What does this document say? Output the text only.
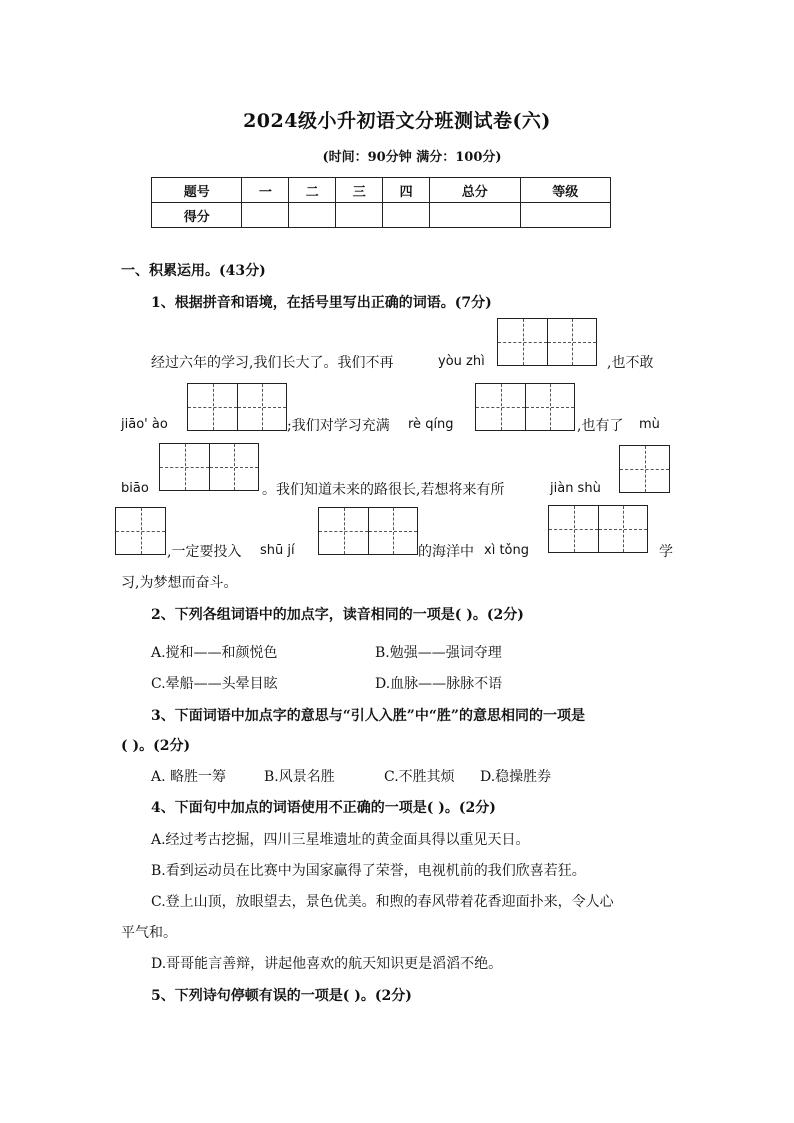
2024级小升初语文分班测试卷(六)
(时间：90分钟 满分：100分)
题号	一	二	三	四	总分	等级
得分						
一、积累运用。(43分)
1、根据拼音和语境，在括号里写出正确的词语。(7分)
经过六年的学习,我们长大了。我们不再	yòu zhì	,也不敢
jiāo' ào	;我们对学习充满 rè qíng	,也有了 mù
biāo	。我们知道未来的路很长,若想将来有所	jiàn shù
,一定要投入 shū jí	的海洋中 xì tǒng	学
习,为梦想而奋斗。
2、下列各组词语中的加点字，读音相同的一项是( )。(2分)
A.搅和——和颜悦色	B.勉强——强词夺理
C.晕船——头晕目眩	D.血脉——脉脉不语
3、下面词语中加点字的意思与“引人入胜”中“胜”的意思相同的一项是
( )。(2分)
A. 略胜一筹	B.风景名胜	C.不胜其烦 D.稳操胜券
4、下面句中加点的词语使用不正确的一项是( )。(2分)
A.经过考古挖掘，四川三星堆遗址的黄金面具得以重见天日。
B.看到运动员在比赛中为国家赢得了荣誉，电视机前的我们欣喜若狂。
C.登上山顶，放眼望去，景色优美。和煦的春风带着花香迎面扑来，令人心
平气和。
D.哥哥能言善辩，讲起他喜欢的航天知识更是滔滔不绝。
5、下列诗句停顿有误的一项是( )。(2分)
